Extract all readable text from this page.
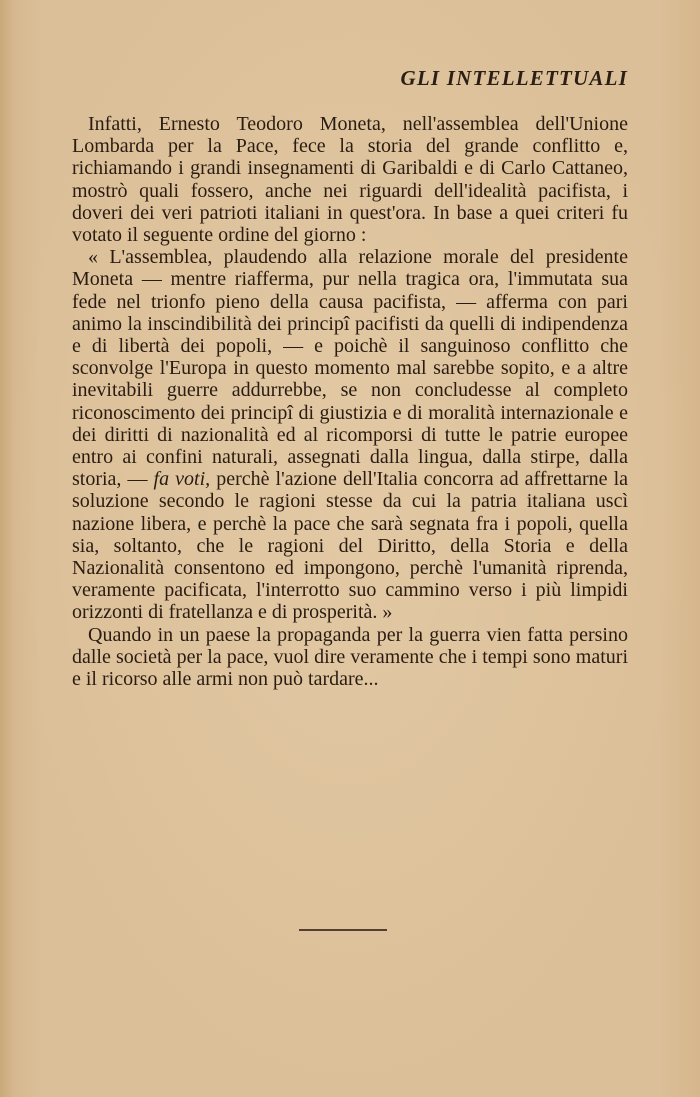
GLI INTELLETTUALI

Infatti, Ernesto Teodoro Moneta, nell'assemblea dell'Unione Lombarda per la Pace, fece la storia del grande conflitto e, richiamando i grandi insegnamenti di Garibaldi e di Carlo Cattaneo, mostrò quali fossero, anche nei riguardi dell'idealità pacifista, i doveri dei veri patrioti italiani in quest'ora. In base a quei criteri fu votato il seguente ordine del giorno :

« L'assemblea, plaudendo alla relazione morale del presidente Moneta — mentre riafferma, pur nella tragica ora, l'immutata sua fede nel trionfo pieno della causa pacifista, — afferma con pari animo la inscindibilità dei principî pacifisti da quelli di indipendenza e di libertà dei popoli, — e poichè il sanguinoso conflitto che sconvolge l'Europa in questo momento mal sarebbe sopito, e a altre inevitabili guerre addurrebbe, se non concludesse al completo riconoscimento dei principî di giustizia e di moralità internazionale e dei diritti di nazionalità ed al ricomporsi di tutte le patrie europee entro ai confini naturali, assegnati dalla lingua, dalla stirpe, dalla storia, — fa voti, perchè l'azione dell'Italia concorra ad affrettarne la soluzione secondo le ragioni stesse da cui la patria italiana uscì nazione libera, e perchè la pace che sarà segnata fra i popoli, quella sia, soltanto, che le ragioni del Diritto, della Storia e della Nazionalità consentono ed impongono, perchè l'umanità riprenda, veramente pacificata, l'interrotto suo cammino verso i più limpidi orizzonti di fratellanza e di prosperità. »

Quando in un paese la propaganda per la guerra vien fatta persino dalle società per la pace, vuol dire veramente che i tempi sono maturi e il ricorso alle armi non può tardare...
